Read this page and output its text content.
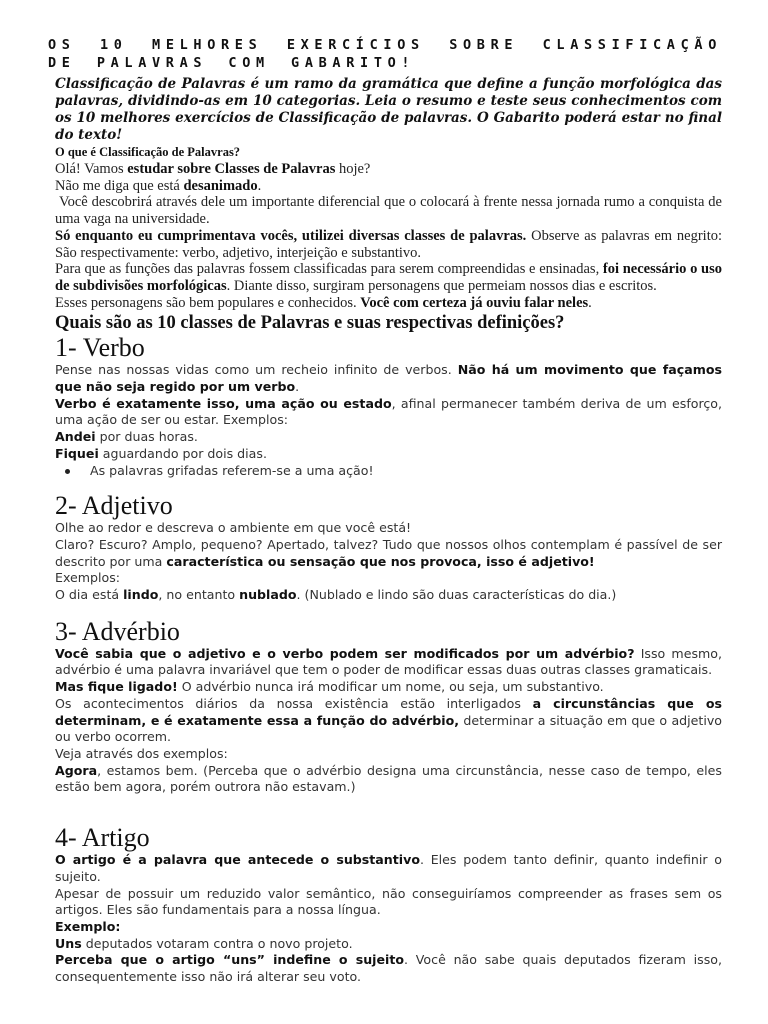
OS 10 MELHORES EXERCÍCIOS SOBRE CLASSIFICAÇÃO DE PALAVRAS COM GABARITO!

Classificação de Palavras é um ramo da gramática que define a função morfológica das palavras, dividindo-as em 10 categorias. Leia o resumo e teste seus conhecimentos com os 10 melhores exercícios de Classificação de palavras. O Gabarito poderá estar no final do texto!

O que é Classificação de Palavras?

Olá! Vamos estudar sobre Classes de Palavras hoje?

Não me diga que está desanimado.

Você descobrirá através dele um importante diferencial que o colocará à frente nessa jornada rumo a conquista de uma vaga na universidade.

Só enquanto eu cumprimentava vocês, utilizei diversas classes de palavras. Observe as palavras em negrito: São respectivamente: verbo, adjetivo, interjeição e substantivo.

Para que as funções das palavras fossem classificadas para serem compreendidas e ensinadas, foi necessário o uso de subdivisões morfológicas. Diante disso, surgiram personagens que permeiam nossos dias e escritos.

Esses personagens são bem populares e conhecidos. Você com certeza já ouviu falar neles.

Quais são as 10 classes de Palavras e suas respectivas definições?

1- Verbo

Pense nas nossas vidas como um recheio infinito de verbos. Não há um movimento que façamos que não seja regido por um verbo.

Verbo é exatamente isso, uma ação ou estado, afinal permanecer também deriva de um esforço, uma ação de ser ou estar. Exemplos:

Andei por duas horas.

Fiquei aguardando por dois dias.

As palavras grifadas referem-se a uma ação!

2- Adjetivo

Olhe ao redor e descreva o ambiente em que você está!

Claro? Escuro? Amplo, pequeno? Apertado, talvez? Tudo que nossos olhos contemplam é passível de ser descrito por uma característica ou sensação que nos provoca, isso é adjetivo!

Exemplos:

O dia está lindo, no entanto nublado. (Nublado e lindo são duas características do dia.)

3- Advérbio

Você sabia que o adjetivo e o verbo podem ser modificados por um advérbio? Isso mesmo, advérbio é uma palavra invariável que tem o poder de modificar essas duas outras classes gramaticais.

Mas fique ligado! O advérbio nunca irá modificar um nome, ou seja, um substantivo.

Os acontecimentos diários da nossa existência estão interligados a circunstâncias que os determinam, e é exatamente essa a função do advérbio, determinar a situação em que o adjetivo ou verbo ocorrem.

Veja através dos exemplos:

Agora, estamos bem. (Perceba que o advérbio designa uma circunstância, nesse caso de tempo, eles estão bem agora, porém outrora não estavam.)

4- Artigo

O artigo é a palavra que antecede o substantivo. Eles podem tanto definir, quanto indefinir o sujeito.

Apesar de possuir um reduzido valor semântico, não conseguiríamos compreender as frases sem os artigos. Eles são fundamentais para a nossa língua.

Exemplo:

Uns deputados votaram contra o novo projeto.

Perceba que o artigo “uns” indefine o sujeito. Você não sabe quais deputados fizeram isso, consequentemente isso não irá alterar seu voto.
